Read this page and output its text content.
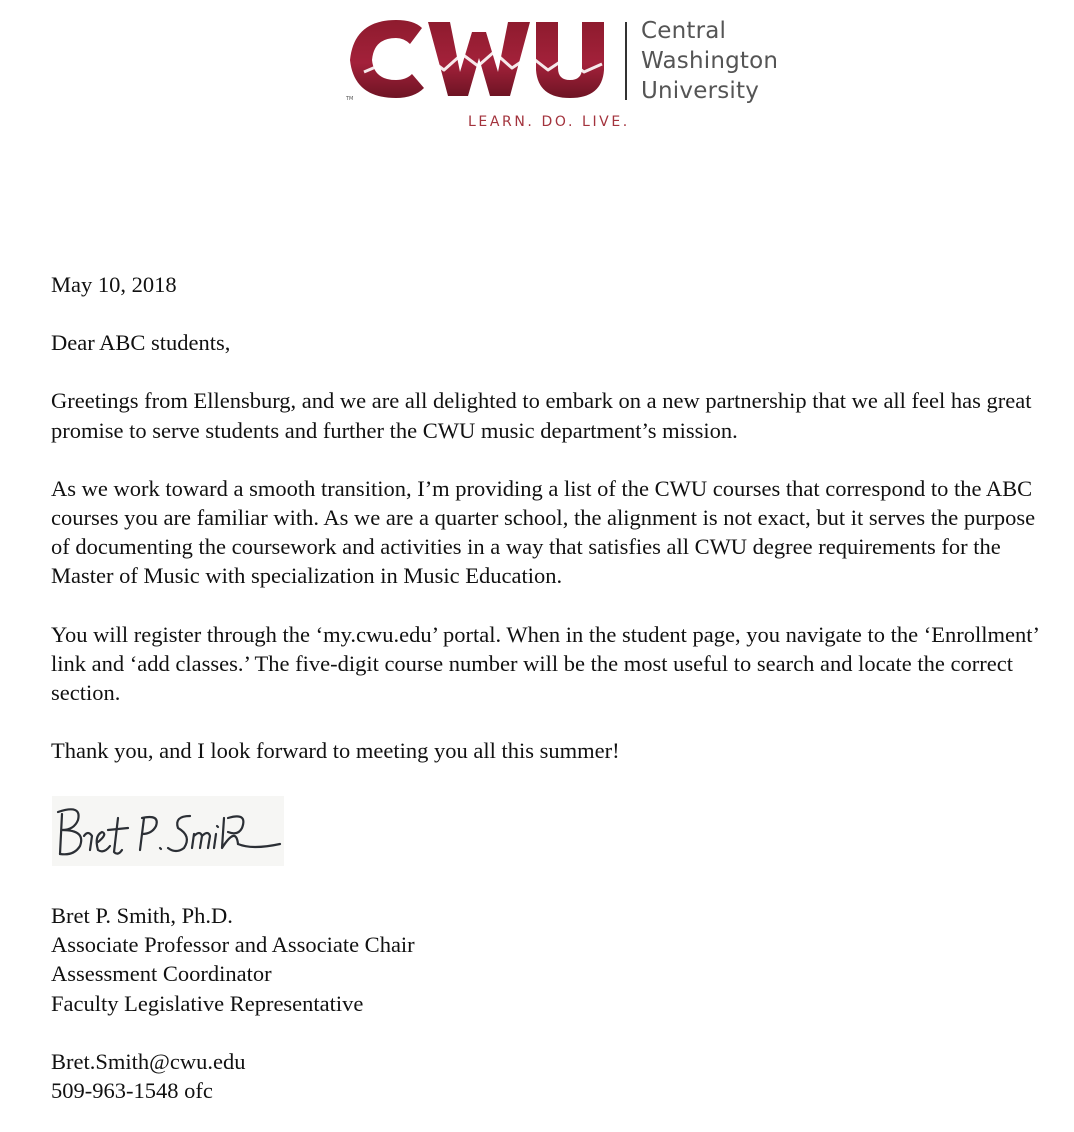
TM
Central
Washington
University
LEARN. DO. LIVE.

May 10, 2018

Dear ABC students,

Greetings from Ellensburg, and we are all delighted to embark on a new partnership that we all feel has great promise to serve students and further the CWU music department’s mission.

As we work toward a smooth transition, I’m providing a list of the CWU courses that correspond to the ABC courses you are familiar with. As we are a quarter school, the alignment is not exact, but it serves the purpose of documenting the coursework and activities in a way that satisfies all CWU degree requirements for the Master of Music with specialization in Music Education.

You will register through the ‘my.cwu.edu’ portal. When in the student page, you navigate to the ‘Enrollment’ link and ‘add classes.’ The five-digit course number will be the most useful to search and locate the correct section.

Thank you, and I look forward to meeting you all this summer!

Bret P. Smith, Ph.D.
Associate Professor and Associate Chair
Assessment Coordinator
Faculty Legislative Representative
Bret.Smith@cwu.edu
509-963-1548 ofc
